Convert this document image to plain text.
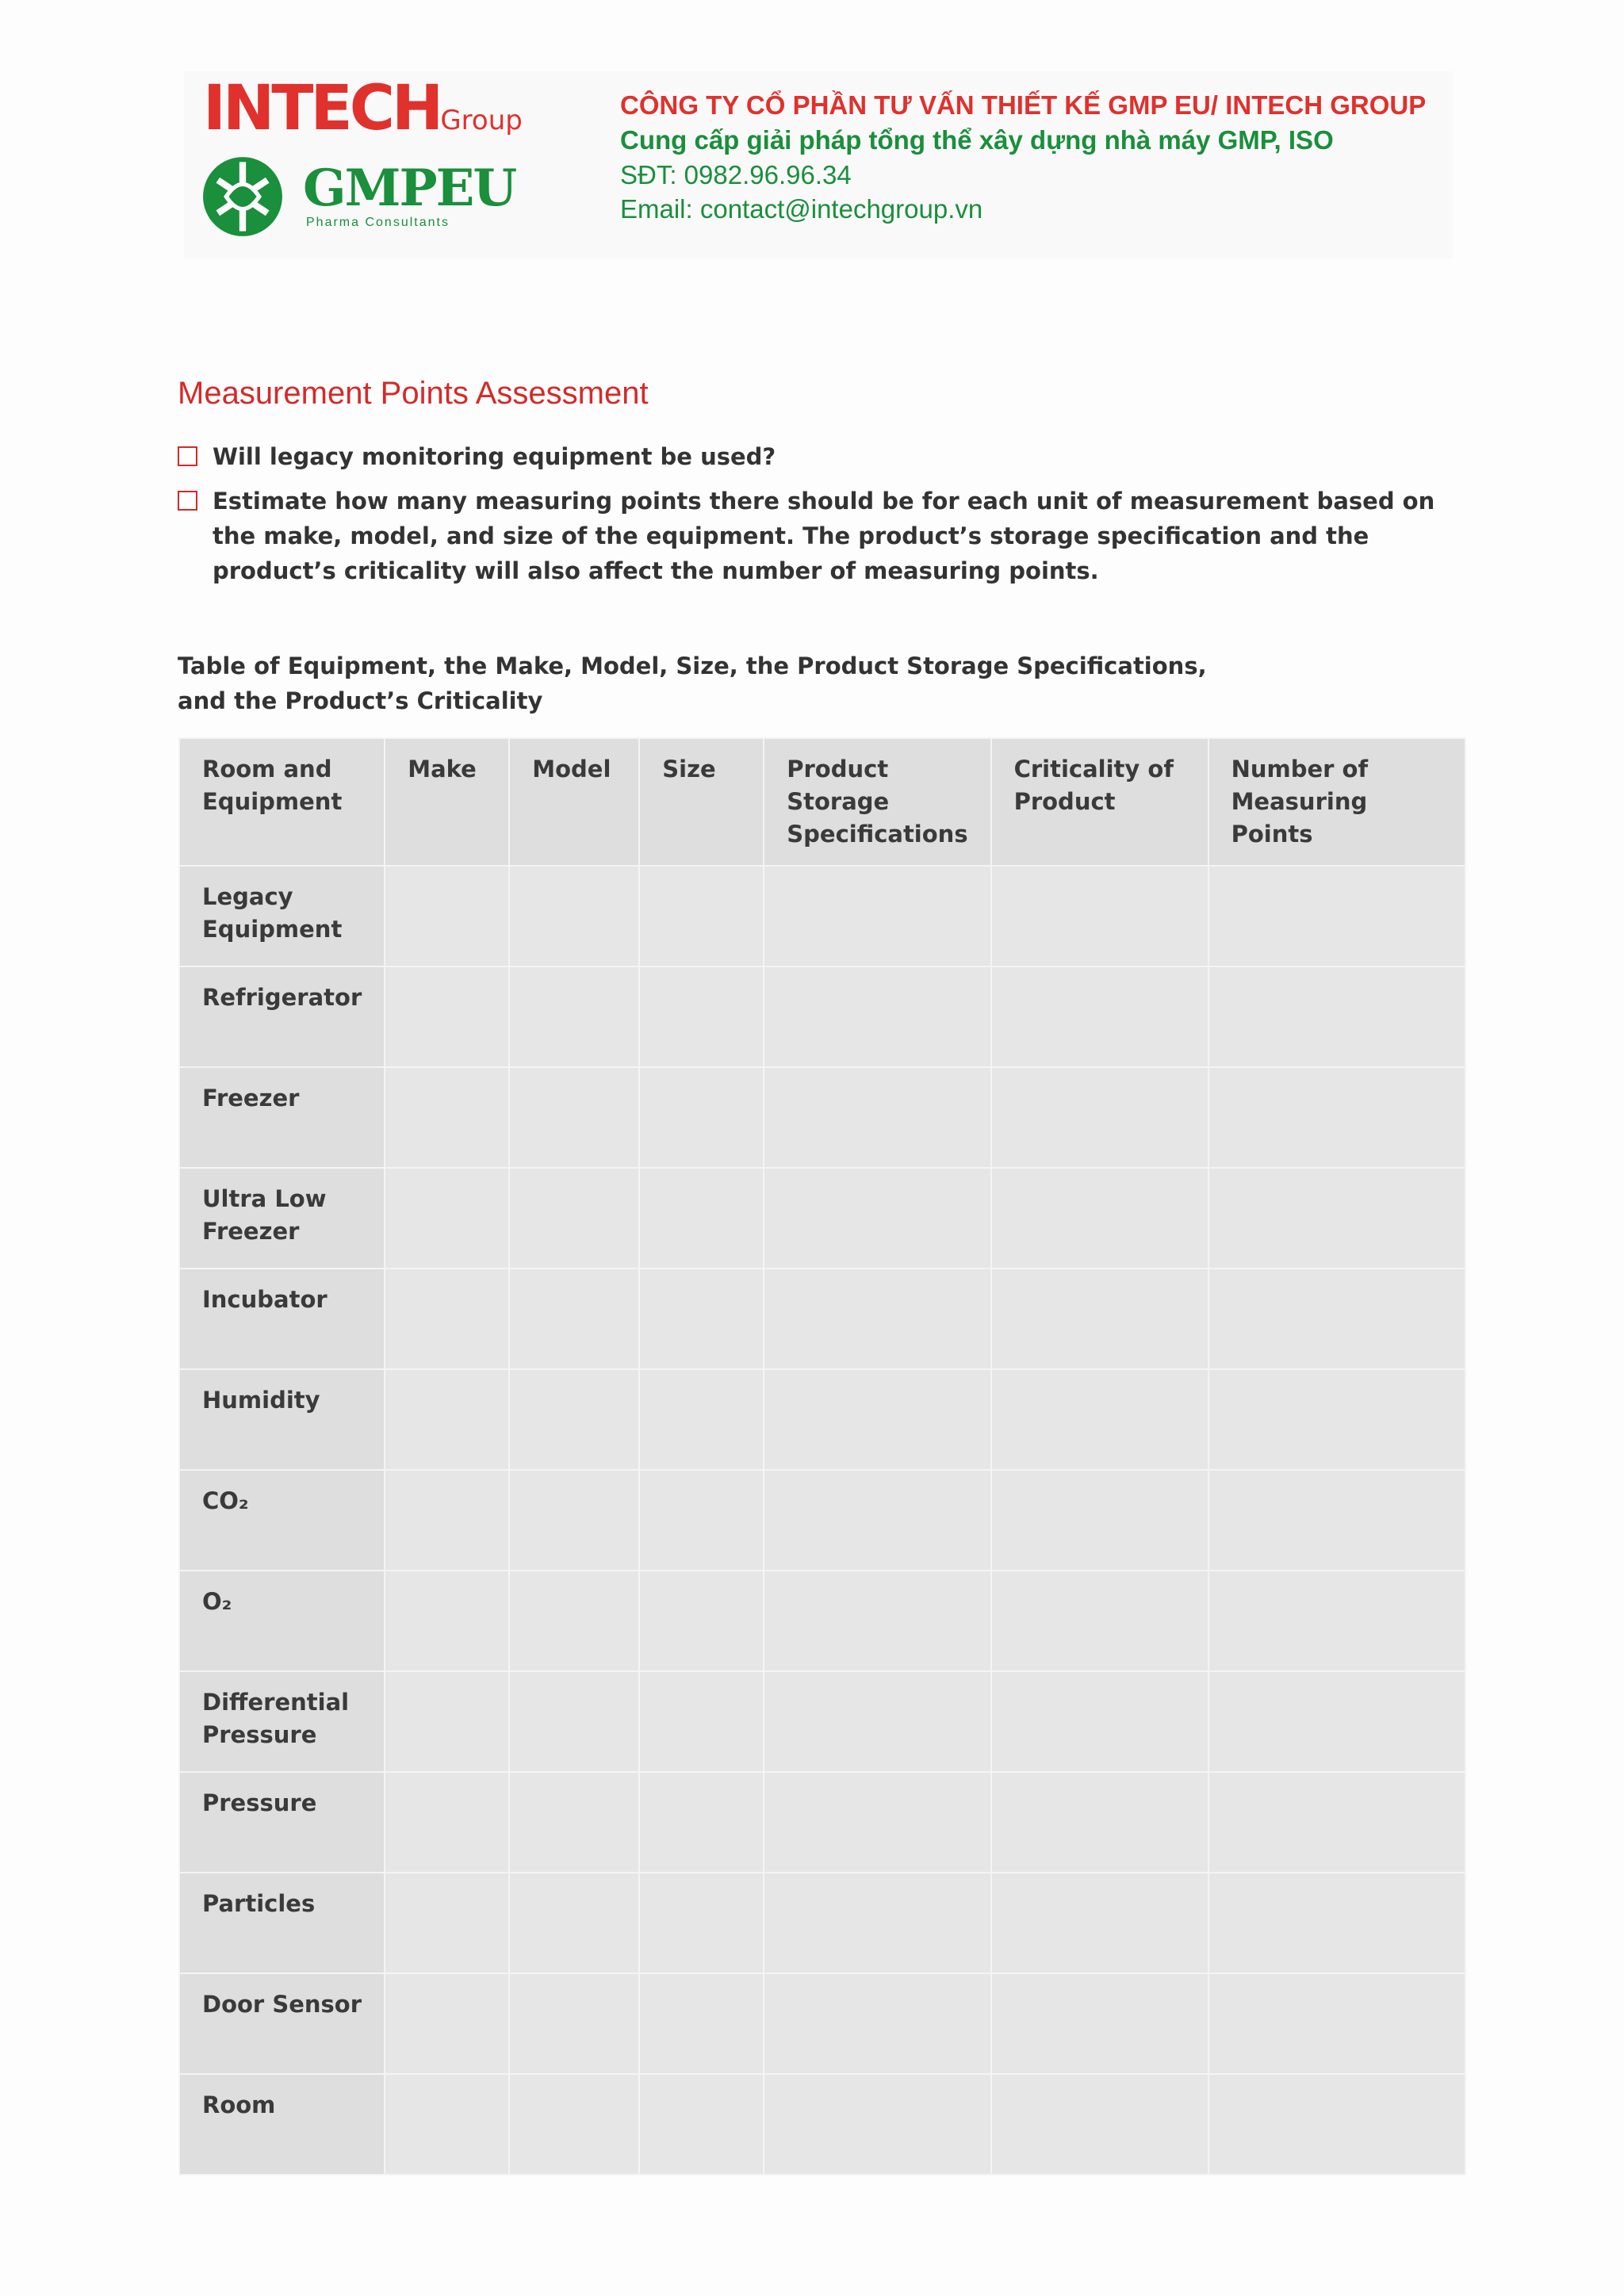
INTECHGroup
GMPEU
Pharma Consultants
CÔNG TY CỔ PHẦN TƯ VẤN THIẾT KẾ GMP EU/ INTECH GROUP
Cung cấp giải pháp tổng thể xây dựng nhà máy GMP, ISO
SĐT: 0982.96.96.34
Email: contact@intechgroup.vn
Measurement Points Assessment
Will legacy monitoring equipment be used?
Estimate how many measuring points there should be for each unit of measurement based on the make, model, and size of the equipment. The product’s storage specification and the product’s criticality will also affect the number of measuring points.
Table of Equipment, the Make, Model, Size, the Product Storage Specifications,
and the Product’s Criticality
Room and Equipment	Make	Model	Size	Product Storage Specifications	Criticality of Product	Number of Measuring Points
Legacy Equipment						
Refrigerator						
Freezer						
Ultra Low Freezer						
Incubator						
Humidity						
CO₂						
O₂						
Differential Pressure						
Pressure						
Particles						
Door Sensor						
Room						
